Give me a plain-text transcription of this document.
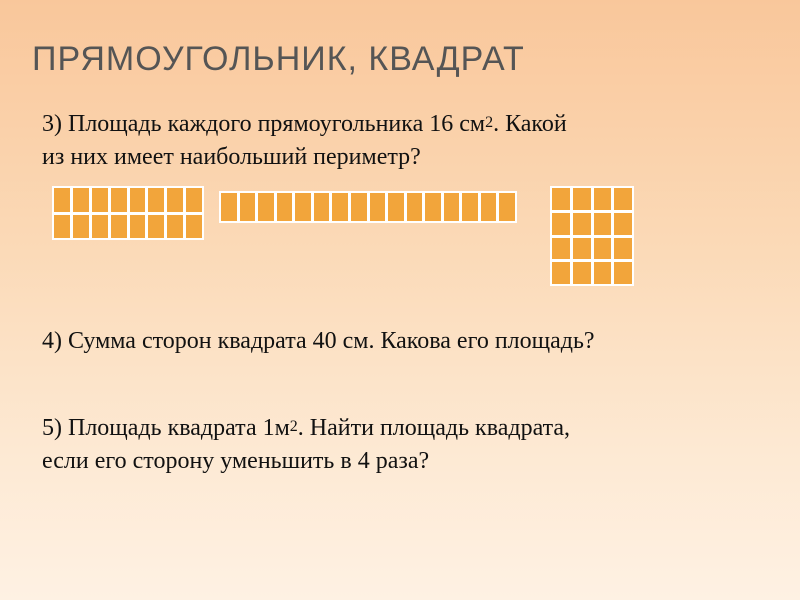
ПРЯМОУГОЛЬНИК, КВАДРАТ
3) Площадь каждого прямоугольника 16 $см^2$. Какой
из них имеет наибольший периметр?
4) Сумма сторон квадрата 40 см. Какова его площадь?
5) Площадь квадрата $1м^2$. Найти площадь квадрата,
если его сторону уменьшить в 4 раза?
